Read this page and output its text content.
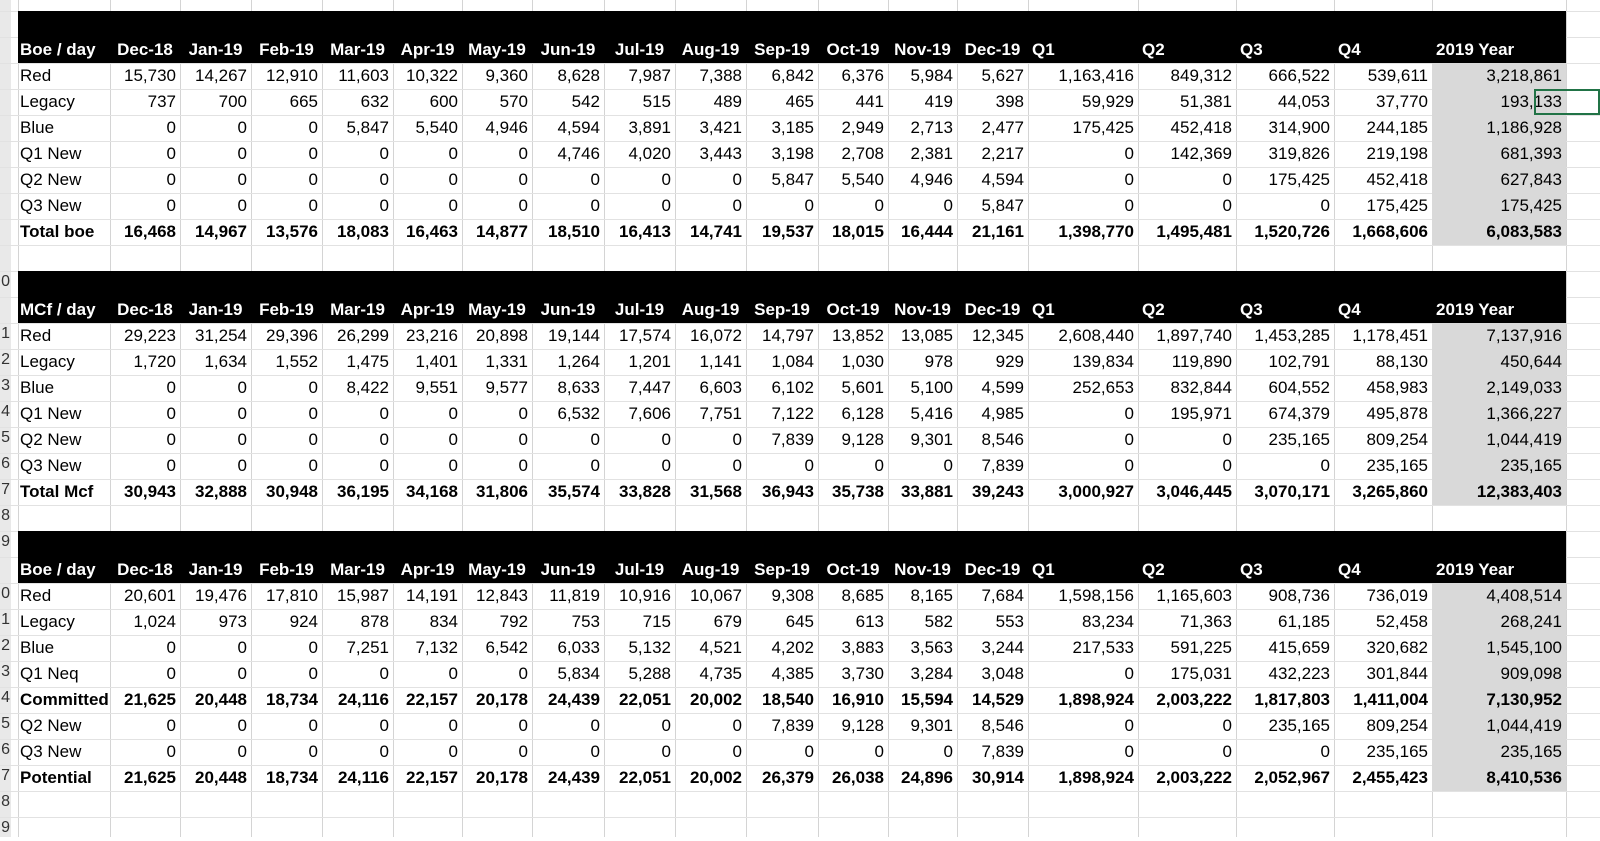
0
1
2
3
4
5
6
7
8
9
0
1
2
3
4
5
6
7
8
9
Boe / day	Dec-18 Jan-19 Feb-19 Mar-19 Apr-19 May-19 Jun-19	Jul-19	Aug-19 Sep-19 Oct-19 Nov-19 Dec-19 Q1	Q2	Q3	Q4	2019 Year
Red	15,730	14,267	12,910	11,603	10,322	9,360	8,628	7,987	7,388	6,842	6,376	5,984	5,627	1,163,416	849,312	666,522	539,611	3,218,861
Legacy	737	700	665	632	600	570	542	515	489	465	441	419	398	59,929	51,381	44,053	37,770	193,133
Blue	0	0	0	5,847	5,540	4,946	4,594	3,891	3,421	3,185	2,949	2,713	2,477	175,425	452,418	314,900	244,185	1,186,928
Q1 New	0	0	0	0	0	0	4,746	4,020	3,443	3,198	2,708	2,381	2,217	0	142,369	319,826	219,198	681,393
Q2 New	0	0	0	0	0	0	0	0	0	5,847	5,540	4,946	4,594	0	0	175,425	452,418	627,843
Q3 New	0	0	0	0	0	0	0	0	0	0	0	0	5,847	0	0	0	175,425	175,425
Total boe	16,468	14,967	13,576	18,083	16,463	14,877	18,510	16,413	14,741	19,537	18,015	16,444	21,161	1,398,770	1,495,481	1,520,726	1,668,606	6,083,583
MCf / day	Dec-18 Jan-19 Feb-19 Mar-19 Apr-19 May-19 Jun-19	Jul-19	Aug-19 Sep-19 Oct-19 Nov-19 Dec-19 Q1	Q2	Q3	Q4	2019 Year
Red	29,223	31,254	29,396	26,299	23,216	20,898	19,144	17,574	16,072	14,797	13,852	13,085	12,345	2,608,440	1,897,740	1,453,285	1,178,451	7,137,916
Legacy	1,720	1,634	1,552	1,475	1,401	1,331	1,264	1,201	1,141	1,084	1,030	978	929	139,834	119,890	102,791	88,130	450,644
Blue	0	0	0	8,422	9,551	9,577	8,633	7,447	6,603	6,102	5,601	5,100	4,599	252,653	832,844	604,552	458,983	2,149,033
Q1 New	0	0	0	0	0	0	6,532	7,606	7,751	7,122	6,128	5,416	4,985	0	195,971	674,379	495,878	1,366,227
Q2 New	0	0	0	0	0	0	0	0	0	7,839	9,128	9,301	8,546	0	0	235,165	809,254	1,044,419
Q3 New	0	0	0	0	0	0	0	0	0	0	0	0	7,839	0	0	0	235,165	235,165
Total Mcf	30,943	32,888	30,948	36,195	34,168	31,806	35,574	33,828	31,568	36,943	35,738	33,881	39,243	3,000,927	3,046,445	3,070,171	3,265,860	12,383,403
Boe / day	Dec-18 Jan-19 Feb-19 Mar-19 Apr-19 May-19 Jun-19	Jul-19	Aug-19 Sep-19 Oct-19 Nov-19 Dec-19 Q1	Q2	Q3	Q4	2019 Year
Red	20,601	19,476	17,810	15,987	14,191	12,843	11,819	10,916	10,067	9,308	8,685	8,165	7,684	1,598,156	1,165,603	908,736	736,019	4,408,514
Legacy	1,024	973	924	878	834	792	753	715	679	645	613	582	553	83,234	71,363	61,185	52,458	268,241
Blue	0	0	0	7,251	7,132	6,542	6,033	5,132	4,521	4,202	3,883	3,563	3,244	217,533	591,225	415,659	320,682	1,545,100
Q1 Neq	0	0	0	0	0	0	5,834	5,288	4,735	4,385	3,730	3,284	3,048	0	175,031	432,223	301,844	909,098
Committed 21,625	20,448	18,734	24,116	22,157	20,178	24,439	22,051	20,002	18,540	16,910	15,594	14,529	1,898,924	2,003,222	1,817,803	1,411,004	7,130,952
Q2 New	0	0	0	0	0	0	0	0	0	7,839	9,128	9,301	8,546	0	0	235,165	809,254	1,044,419
Q3 New	0	0	0	0	0	0	0	0	0	0	0	0	7,839	0	0	0	235,165	235,165
Potential	21,625	20,448	18,734	24,116	22,157	20,178	24,439	22,051	20,002	26,379	26,038	24,896	30,914	1,898,924	2,003,222	2,052,967	2,455,423	8,410,536
